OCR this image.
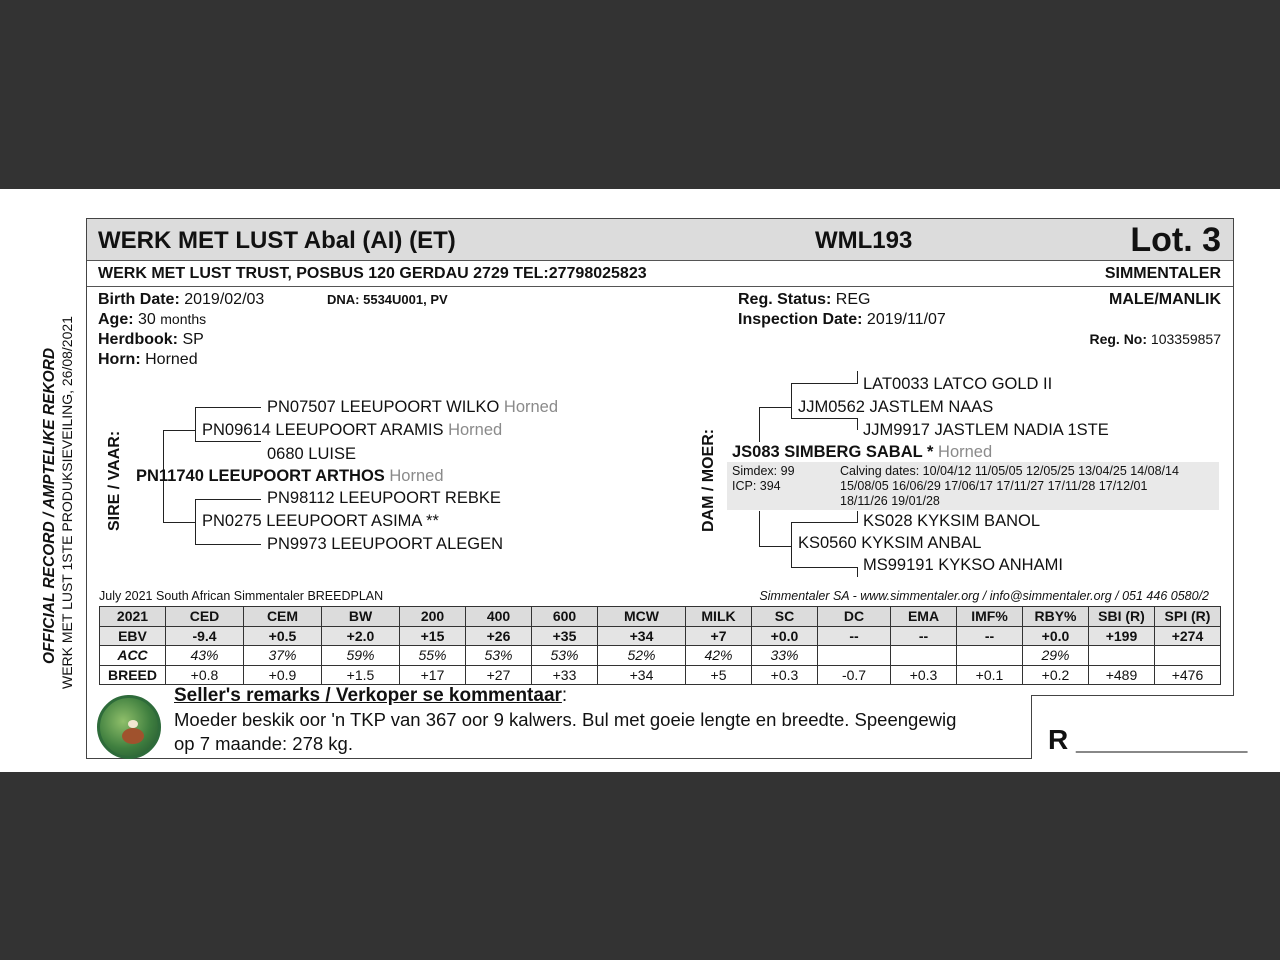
OFFICIAL RECORD / AMPTELIKE REKORD WERK MET LUST 1STE PRODUKSIEVEILING, 26/08/2021
WERK MET LUST Abal (AI) (ET)	WML193	Lot. 3
WERK MET LUST TRUST, POSBUS 120 GERDAU 2729 TEL:27798025823	SIMMENTALER
Birth Date: 2019/02/03	DNA: 5534U001, PV
Age: 30 months
Herdbook: SP
Horn: Horned
Reg. Status: REG
Inspection Date: 2019/11/07
MALE/MANLIK
Reg. No: 103359857
SIRE / VAAR:
PN07507 LEEUPOORT WILKO Horned
PN09614 LEEUPOORT ARAMIS Horned
0680 LUISE
PN11740 LEEUPOORT ARTHOS Horned
PN98112 LEEUPOORT REBKE
PN0275 LEEUPOORT ASIMA **
PN9973 LEEUPOORT ALEGEN
DAM / MOER:
LAT0033 LATCO GOLD II
JJM0562 JASTLEM NAAS
JJM9917 JASTLEM NADIA 1STE
JS083 SIMBERG SABAL * Horned
Simdex: 99
ICP: 394
Calving dates: 10/04/12 11/05/05 12/05/25 13/04/25 14/08/14
15/08/05 16/06/29 17/06/17 17/11/27 17/11/28 17/12/01
18/11/26 19/01/28
KS028 KYKSIM BANOL
KS0560 KYKSIM ANBAL
MS99191 KYKSO ANHAMI
July 2021 South African Simmentaler BREEDPLAN	Simmentaler SA - www.simmentaler.org / info@simmentaler.org / 051 446 0580/2
2021	CED	CEM	BW	200	400	600	MCW	MILK	SC	DC	EMA	IMF%	RBY%	SBI (R)	SPI (R)
EBV	-9.4	+0.5	+2.0	+15	+26	+35	+34	+7	+0.0	--	--	--	+0.0	+199	+274
ACC	43%	37%	59%	55%	53%	53%	52%	42%	33%				29%		
BREED	+0.8	+0.9	+1.5	+17	+27	+33	+34	+5	+0.3	-0.7	+0.3	+0.1	+0.2	+489	+476
Seller's remarks / Verkoper se kommentaar:
Moeder beskik oor 'n TKP van 367 oor 9 kalwers. Bul met goeie lengte en breedte. Speengewig
op 7 maande: 278 kg.	R ___________
